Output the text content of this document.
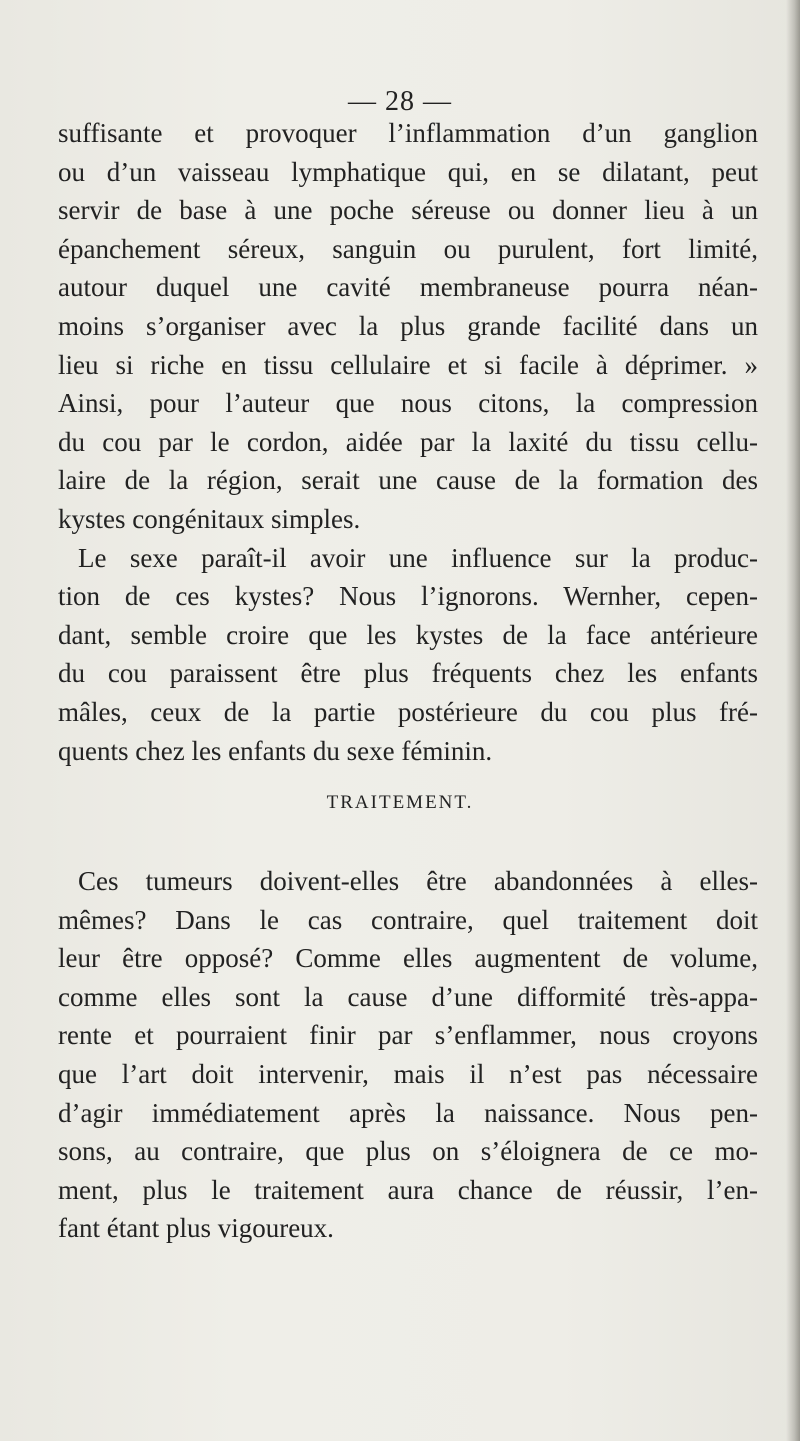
— 28 —
suffisante et provoquer l’inflammation d’un ganglion
ou d’un vaisseau lymphatique qui, en se dilatant, peut
servir de base à une poche séreuse ou donner lieu à un
épanchement séreux, sanguin ou purulent, fort limité,
autour duquel une cavité membraneuse pourra néan-
moins s’organiser avec la plus grande facilité dans un
lieu si riche en tissu cellulaire et si facile à déprimer. »
Ainsi, pour l’auteur que nous citons, la compression
du cou par le cordon, aidée par la laxité du tissu cellu-
laire de la région, serait une cause de la formation des
kystes congénitaux simples.
Le sexe paraît-il avoir une influence sur la produc-
tion de ces kystes? Nous l’ignorons. Wernher, cepen-
dant, semble croire que les kystes de la face antérieure
du cou paraissent être plus fréquents chez les enfants
mâles, ceux de la partie postérieure du cou plus fré-
quents chez les enfants du sexe féminin.
TRAITEMENT.
Ces tumeurs doivent-elles être abandonnées à elles-
mêmes? Dans le cas contraire, quel traitement doit
leur être opposé? Comme elles augmentent de volume,
comme elles sont la cause d’une difformité très-appa-
rente et pourraient finir par s’enflammer, nous croyons
que l’art doit intervenir, mais il n’est pas nécessaire
d’agir immédiatement après la naissance. Nous pen-
sons, au contraire, que plus on s’éloignera de ce mo-
ment, plus le traitement aura chance de réussir, l’en-
fant étant plus vigoureux.
